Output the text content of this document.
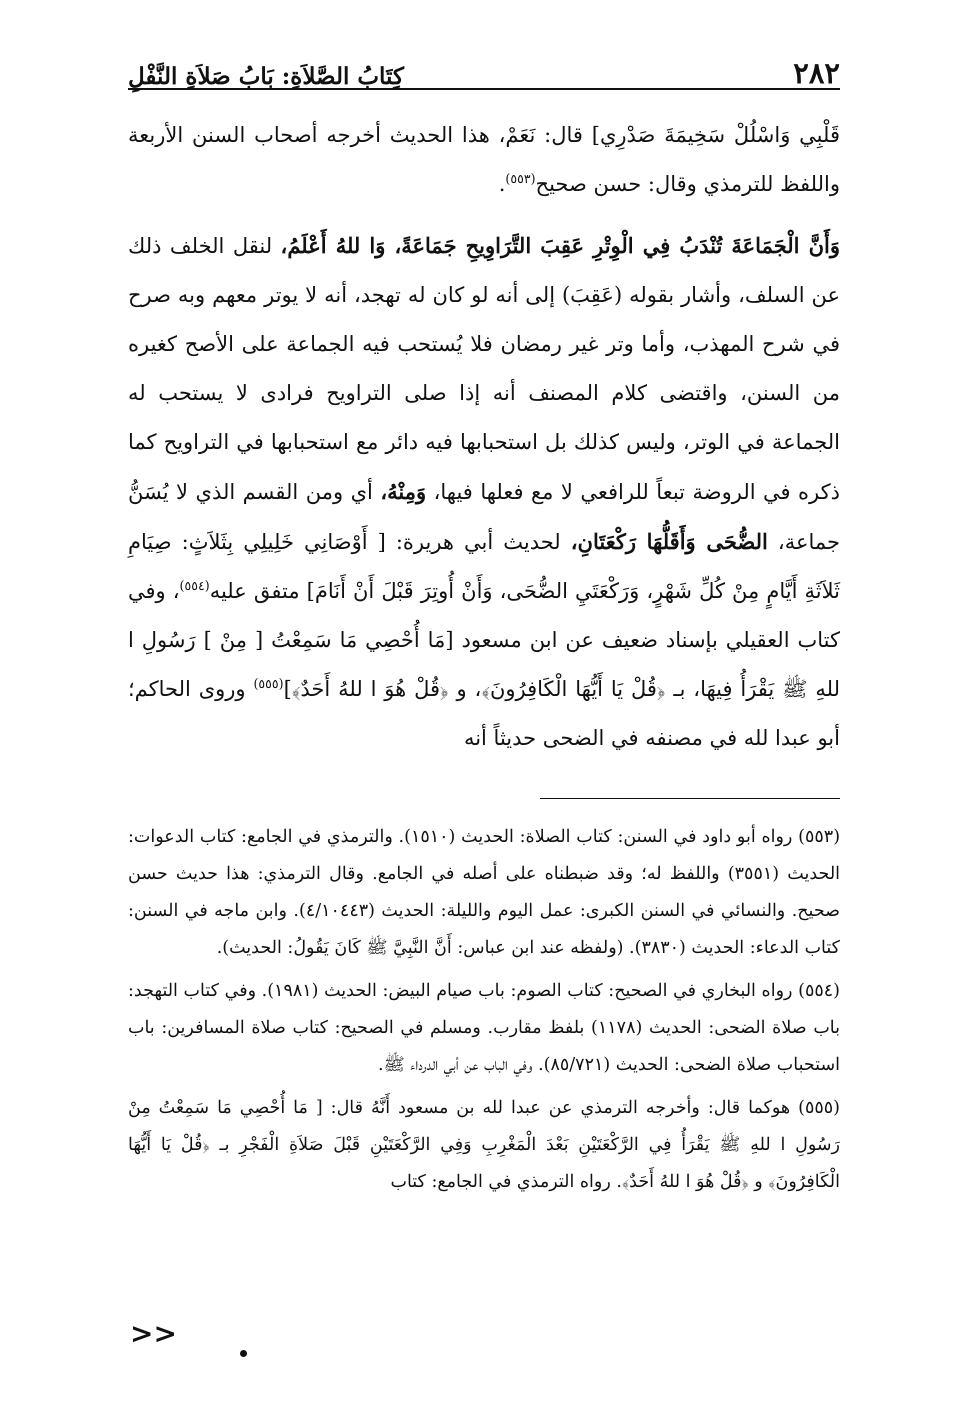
كِتَابُ الصَّلاَةِ: بَابُ صَلاَةِ النَّفْلِ	٢٨٢

قَلْبِي وَاسْلُلْ سَخِيمَةَ صَدْرِي] قال: نَعَمْ، هذا الحديث أخرجه أصحاب السنن الأربعة واللفظ للترمذي وقال: حسن صحيح$^{(٥٥٣)}$.

وَأَنَّ الْجَمَاعَةَ تُنْدَبُ فِي الْوِتْرِ عَقِبَ التَّرَاوِيحِ جَمَاعَةً، وَا للهُ أَعْلَمُ، لنقل الخلف ذلك عن السلف، وأشار بقوله (عَقِبَ) إلى أنه لو كان له تهجد، أنه لا يوتر معهم وبه صرح في شرح المهذب، وأما وتر غير رمضان فلا يُستحب فيه الجماعة على الأصح كغيره من السنن، واقتضى كلام المصنف أنه إذا صلى التراويح فرادى لا يستحب له الجماعة في الوتر، وليس كذلك بل استحبابها فيه دائر مع استحبابها في التراويح كما ذكره في الروضة تبعاً للرافعي لا مع فعلها فيها، وَمِنْهُ، أي ومن القسم الذي لا يُسَنُّ جماعة، الضُّحَى وَأَقَلُّهَا رَكْعَتَانِ، لحديث أبي هريرة: [ أَوْصَانِي خَلِيلِي بِثَلاَثٍ: صِيَامِ ثَلاَثَةِ أَيَّامٍ مِنْ كُلِّ شَهْرٍ، وَرَكْعَتَيِ الضُّحَى، وَأَنْ أُوتِرَ قَبْلَ أَنْ أَنَامَ] متفق عليه$^{(٥٥٤)}$، وفي كتاب العقيلي بإسناد ضعيف عن ابن مسعود [مَا أُحْصِي مَا سَمِعْتُ [ مِنْ ] رَسُولِ ا للهِ ﷺ يَقْرَأُ فِيهَا، بـ ﴿قُلْ يَا أَيُّهَا الْكَافِرُونَ﴾، و ﴿قُلْ هُوَ ا للهُ أَحَدٌ﴾]$^{(٥٥٥)}$ وروى الحاكم؛ أبو عبدا لله في مصنفه في الضحى حديثاً أنه

(٥٥٣) رواه أبو داود في السنن: كتاب الصلاة: الحديث (١٥١٠). والترمذي في الجامع: كتاب الدعوات: الحديث (٣٥٥١) واللفظ له؛ وقد ضبطناه على أصله في الجامع. وقال الترمذي: هذا حديث حسن صحيح. والنسائي في السنن الكبرى: عمل اليوم والليلة: الحديث (٤/١٠٤٤٣). وابن ماجه في السنن: كتاب الدعاء: الحديث (٣٨٣٠). (ولفظه عند ابن عباس: أَنَّ النَّبِيَّ ﷺ كَانَ يَقُولُ: الحديث).

(٥٥٤) رواه البخاري في الصحيح: كتاب الصوم: باب صيام البيض: الحديث (١٩٨١). وفي كتاب التهجد: باب صلاة الضحى: الحديث (١١٧٨) بلفظ مقارب. ومسلم في الصحيح: كتاب صلاة المسافرين: باب استحباب صلاة الضحى: الحديث (٨٥/٧٢١). وفي الباب عن أبي الدرداء ﷺ.

(٥٥٥) هوكما قال: وأخرجه الترمذي عن عبدا لله بن مسعود أَنَّهُ قال: [ مَا أُحْصِي مَا سَمِعْتُ مِنْ رَسُولِ ا للهِ ﷺ يَقْرَأُ فِي الرَّكْعَتَيْنِ بَعْدَ الْمَغْرِبِ وَفِي الرَّكْعَتَيْنِ قَبْلَ صَلاَةِ الْفَجْرِ بـ ﴿قُلْ يَا أَيُّهَا الْكَافِرُونَ﴾ و ﴿قُلْ هُوَ ا للهُ أَحَدٌ﴾. رواه الترمذي في الجامع: كتاب

>>
